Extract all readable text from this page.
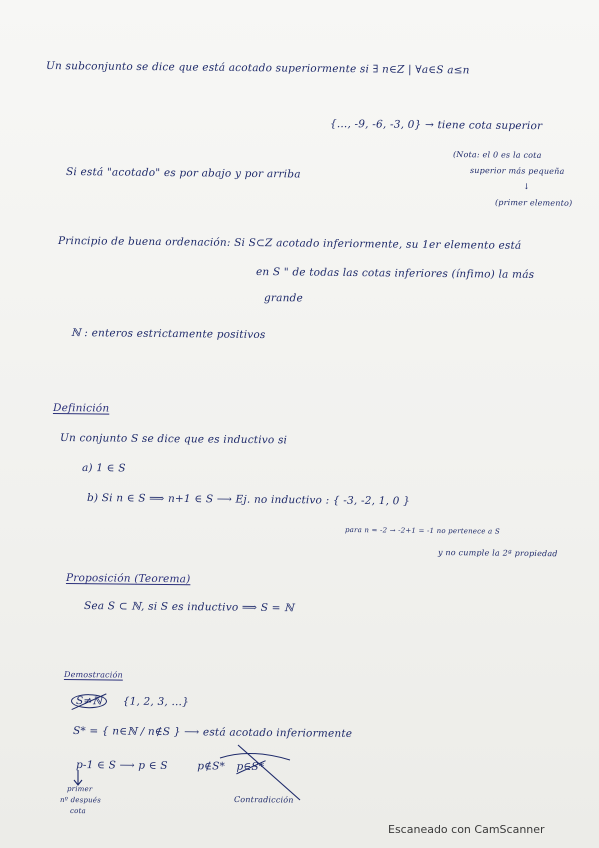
Un subconjunto se dice que está acotado superiormente si ∃ n∈Z | ∀a∈S a≤n
{..., -9, -6, -3, 0} → tiene cota superior
(Nota: el 0 es la cota
superior más pequeña
↓
(primer elemento)
Si está "acotado" es por abajo y por arriba
Principio de buena ordenación: Si S⊂Z acotado inferiormente, su 1er elemento está
en S " de todas las cotas inferiores (ínfimo) la más
grande
ℕ : enteros estrictamente positivos
Definición
Un conjunto S se dice que es inductivo si
a) 1 ∈ S
b) Si n ∈ S ⟹ n+1 ∈ S ⟶ Ej. no inductivo : { -3, -2, 1, 0 }
para n = -2 → -2+1 = -1 no pertenece a S
y no cumple la 2ª propiedad
Proposición (Teorema)
Sea S ⊂ ℕ, si S es inductivo ⟹ S = ℕ
Demostración
S≠ℕ {1, 2, 3, ...}
S* = { n∈ℕ / n∉S } ⟶ está acotado inferiormente
p-1 ∈ S ⟶ p ∈ S	p∉S* p∈S*
primer
nº después
cota
Contradicción
Escaneado con CamScanner
